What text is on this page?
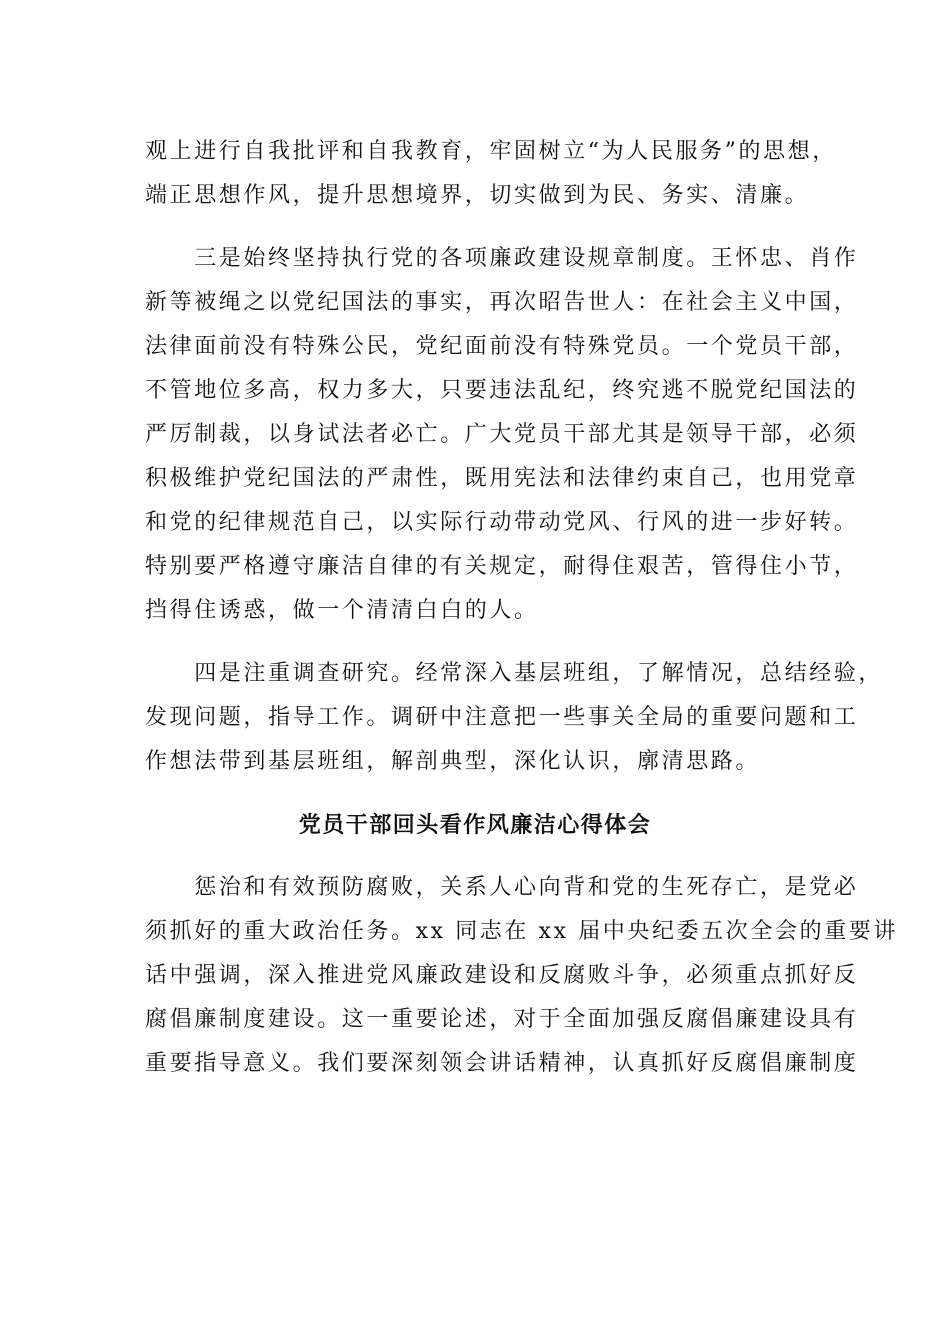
观上进行自我批评和自我教育，牢固树立“为人民服务”的思想，
端正思想作风，提升思想境界，切实做到为民、务实、清廉。
　　三是始终坚持执行党的各项廉政建设规章制度。王怀忠、肖作
新等被绳之以党纪国法的事实，再次昭告世人：在社会主义中国，
法律面前没有特殊公民，党纪面前没有特殊党员。一个党员干部，
不管地位多高，权力多大，只要违法乱纪，终究逃不脱党纪国法的
严厉制裁，以身试法者必亡。广大党员干部尤其是领导干部，必须
积极维护党纪国法的严肃性，既用宪法和法律约束自己，也用党章
和党的纪律规范自己，以实际行动带动党风、行风的进一步好转。
特别要严格遵守廉洁自律的有关规定，耐得住艰苦，管得住小节，
挡得住诱惑，做一个清清白白的人。
　　四是注重调查研究。经常深入基层班组，了解情况，总结经验，
发现问题，指导工作。调研中注意把一些事关全局的重要问题和工
作想法带到基层班组，解剖典型，深化认识，廓清思路。
党员干部回头看作风廉洁心得体会
　　惩治和有效预防腐败，关系人心向背和党的生死存亡，是党必
须抓好的重大政治任务。xx 同志在 xx 届中央纪委五次全会的重要讲
话中强调，深入推进党风廉政建设和反腐败斗争，必须重点抓好反
腐倡廉制度建设。这一重要论述，对于全面加强反腐倡廉建设具有
重要指导意义。我们要深刻领会讲话精神，认真抓好反腐倡廉制度
